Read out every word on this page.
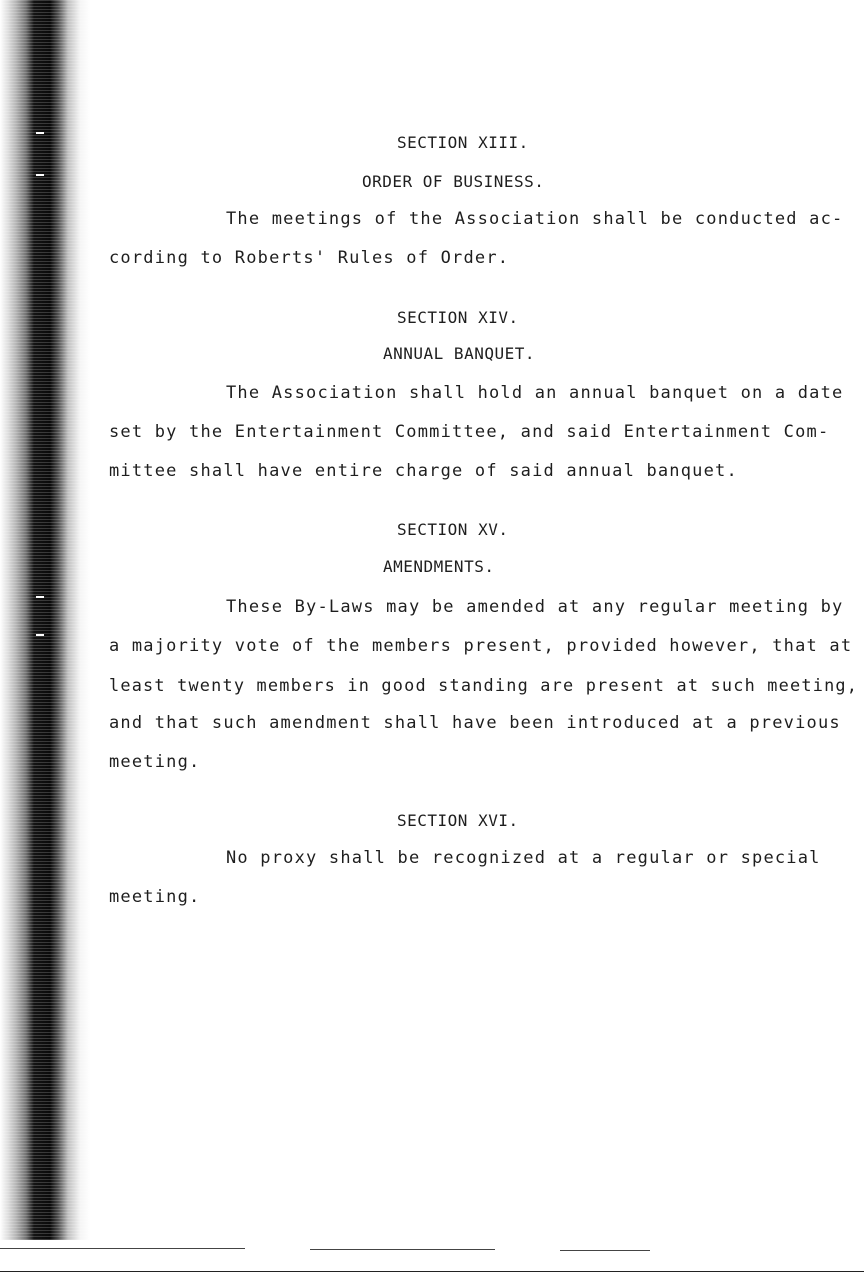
SECTION XIII.
ORDER OF BUSINESS.
The meetings of the Association shall be conducted ac-
cording to Roberts' Rules of Order.
SECTION XIV.
ANNUAL BANQUET.
The Association shall hold an annual banquet on a date
set by the Entertainment Committee, and said Entertainment Com-
mittee shall have entire charge of said annual banquet.
SECTION XV.
AMENDMENTS.
These By-Laws may be amended at any regular meeting by
a majority vote of the members present, provided however, that at
least twenty members in good standing are present at such meeting,
and that such amendment shall have been introduced at a previous
meeting.
SECTION XVI.
No proxy shall be recognized at a regular or special
meeting.
